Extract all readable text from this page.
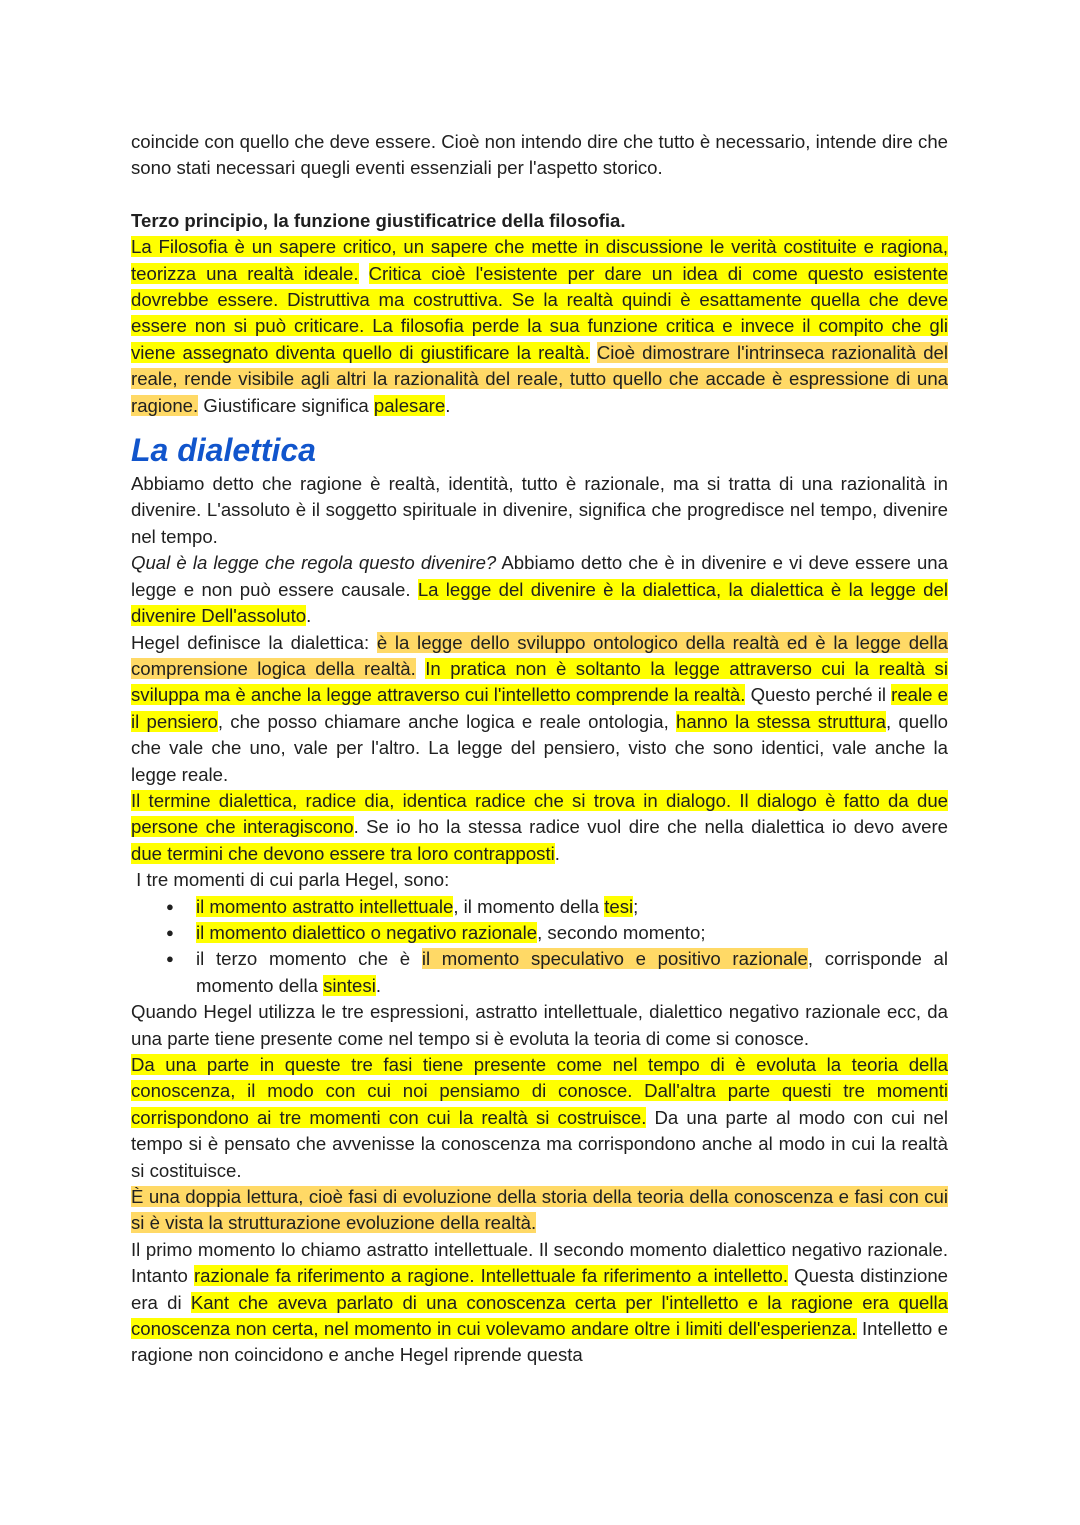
coincide con quello che deve essere. Cioè non intendo dire che tutto è necessario, intende dire che sono stati necessari quegli eventi essenziali per l'aspetto storico.

Terzo principio, la funzione giustificatrice della filosofia.

La Filosofia è un sapere critico, un sapere che mette in discussione le verità costituite e ragiona, teorizza una realtà ideale. Critica cioè l'esistente per dare un idea di come questo esistente dovrebbe essere. Distruttiva ma costruttiva. Se la realtà quindi è esattamente quella che deve essere non si può criticare. La filosofia perde la sua funzione critica e invece il compito che gli viene assegnato diventa quello di giustificare la realtà. Cioè dimostrare l'intrinseca razionalità del reale, rende visibile agli altri la razionalità del reale, tutto quello che accade è espressione di una ragione. Giustificare significa palesare.

La dialettica

Abbiamo detto che ragione è realtà, identità, tutto è razionale, ma si tratta di una razionalità in divenire. L'assoluto è il soggetto spirituale in divenire, significa che progredisce nel tempo, divenire nel tempo.

Qual è la legge che regola questo divenire? Abbiamo detto che è in divenire e vi deve essere una legge e non può essere causale. La legge del divenire è la dialettica, la dialettica è la legge del divenire Dell'assoluto.

Hegel definisce la dialettica: è la legge dello sviluppo ontologico della realtà ed è la legge della comprensione logica della realtà. In pratica non è soltanto la legge attraverso cui la realtà si sviluppa ma è anche la legge attraverso cui l'intelletto comprende la realtà. Questo perché il reale e il pensiero, che posso chiamare anche logica e reale ontologia, hanno la stessa struttura, quello che vale che uno, vale per l'altro. La legge del pensiero, visto che sono identici, vale anche la legge reale.

Il termine dialettica, radice dia, identica radice che si trova in dialogo. Il dialogo è fatto da due persone che interagiscono. Se io ho la stessa radice vuol dire che nella dialettica io devo avere due termini che devono essere tra loro contrapposti.

I tre momenti di cui parla Hegel, sono:

● il momento astratto intellettuale, il momento della tesi;
● il momento dialettico o negativo razionale, secondo momento;
● il terzo momento che è il momento speculativo e positivo razionale, corrisponde al momento della sintesi.

Quando Hegel utilizza le tre espressioni, astratto intellettuale, dialettico negativo razionale ecc, da una parte tiene presente come nel tempo si è evoluta la teoria di come si conosce.

Da una parte in queste tre fasi tiene presente come nel tempo di è evoluta la teoria della conoscenza, il modo con cui noi pensiamo di conosce. Dall'altra parte questi tre momenti corrispondono ai tre momenti con cui la realtà si costruisce. Da una parte al modo con cui nel tempo si è pensato che avvenisse la conoscenza ma corrispondono anche al modo in cui la realtà si costituisce.

È una doppia lettura, cioè fasi di evoluzione della storia della teoria della conoscenza e fasi con cui si è vista la strutturazione evoluzione della realtà.

Il primo momento lo chiamo astratto intellettuale. Il secondo momento dialettico negativo razionale. Intanto razionale fa riferimento a ragione. Intellettuale fa riferimento a intelletto. Questa distinzione era di Kant che aveva parlato di una conoscenza certa per l'intelletto e la ragione era quella conoscenza non certa, nel momento in cui volevamo andare oltre i limiti dell'esperienza. Intelletto e ragione non coincidono e anche Hegel riprende questa
